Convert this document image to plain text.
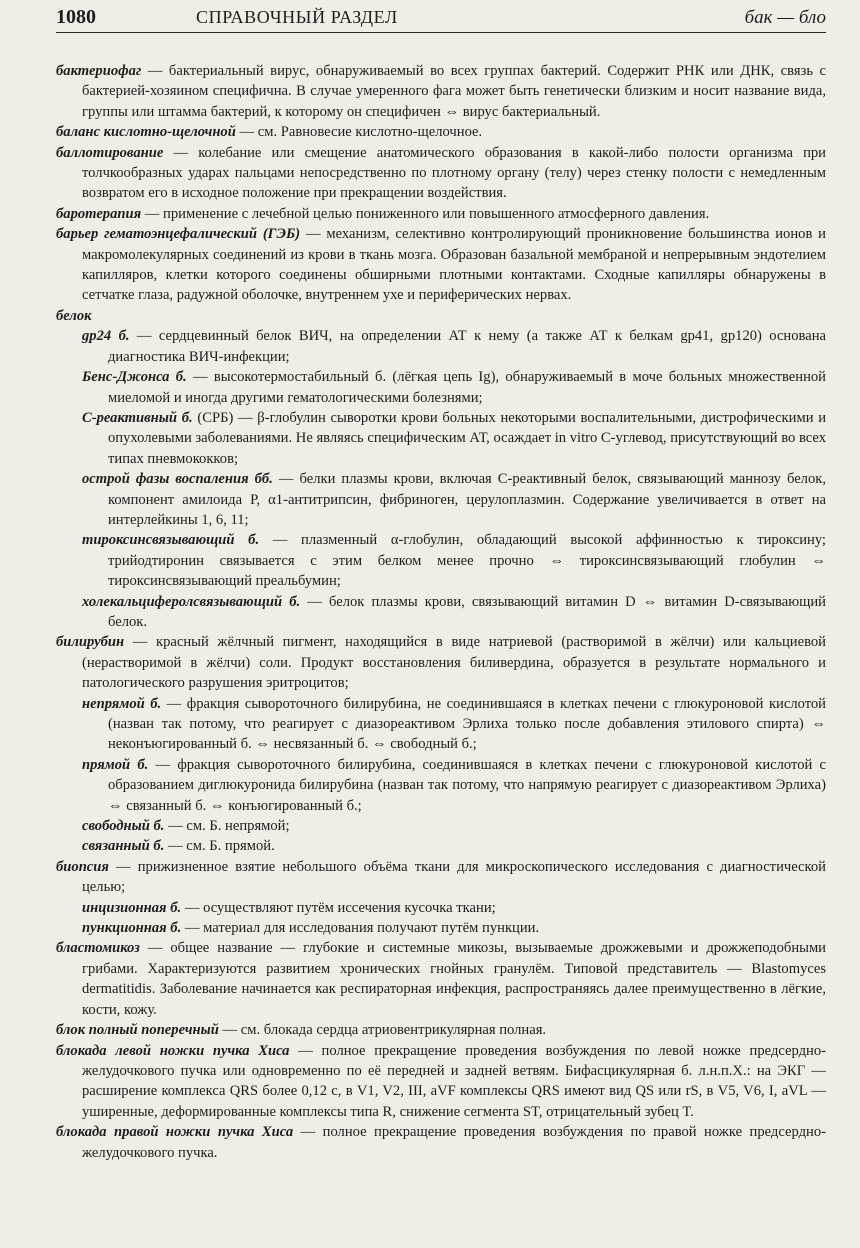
1080	СПРАВОЧНЫЙ РАЗДЕЛ	бак — бло

бактериофаг — бактериальный вирус, обнаруживаемый во всех группах бактерий. Содержит РНК или ДНК, связь с бактерией-хозяином специфична. В случае умеренного фага может быть генетически близким и носит название вида, группы или штамма бактерий, к которому он специфичен ⇔ вирус бактериальный.

баланс кислотно-щелочной — см. Равновесие кислотно-щелочное.

баллотирование — колебание или смещение анатомического образования в какой-либо полости организма при толчкообразных ударах пальцами непосредственно по плотному органу (телу) через стенку полости с немедленным возвратом его в исходное положение при прекращении воздействия.

баротерапия — применение с лечебной целью пониженного или повышенного атмосферного давления.

барьер гематоэнцефалический (ГЭБ) — механизм, селективно контролирующий проникновение большинства ионов и макромолекулярных соединений из крови в ткань мозга. Образован базальной мембраной и непрерывным эндотелием капилляров, клетки которого соединены обширными плотными контактами. Сходные капилляры обнаружены в сетчатке глаза, радужной оболочке, внутреннем ухе и периферических нервах.

белок

gp24 б. — сердцевинный белок ВИЧ, на определении АТ к нему (а также АТ к белкам gp41, gp120) основана диагностика ВИЧ-инфекции;

Бенс-Джонса б. — высокотермостабильный б. (лёгкая цепь Ig), обнаруживаемый в моче больных множественной миеломой и иногда другими гематологическими болезнями;

С-реактивный б. (СРБ) — β-глобулин сыворотки крови больных некоторыми воспалительными, дистрофическими и опухолевыми заболеваниями. Не являясь специфическим АТ, осаждает in vitro С-углевод, присутствующий во всех типах пневмококков;

острой фазы воспаления бб. — белки плазмы крови, включая С-реактивный белок, связывающий маннозу белок, компонент амилоида Р, α1-антитрипсин, фибриноген, церулоплазмин. Содержание увеличивается в ответ на интерлейкины 1, 6, 11;

тироксинсвязывающий б. — плазменный α-глобулин, обладающий высокой аффинностью к тироксину; трийодтиронин связывается с этим белком менее прочно ⇔ тироксинсвязывающий глобулин ⇔ тироксинсвязывающий преальбумин;

холекальциферолсвязывающий б. — белок плазмы крови, связывающий витамин D ⇔ витамин D-связывающий белок.

билирубин — красный жёлчный пигмент, находящийся в виде натриевой (растворимой в жёлчи) или кальциевой (нерастворимой в жёлчи) соли. Продукт восстановления биливердина, образуется в результате нормального и патологического разрушения эритроцитов;

непрямой б. — фракция сывороточного билирубина, не соединившаяся в клетках печени с глюкуроновой кислотой (назван так потому, что реагирует с диазореактивом Эрлиха только после добавления этилового спирта) ⇔ неконъюгированный б. ⇔ несвязанный б. ⇔ свободный б.;

прямой б. — фракция сывороточного билирубина, соединившаяся в клетках печени с глюкуроновой кислотой с образованием диглюкуронида билирубина (назван так потому, что напрямую реагирует с диазореактивом Эрлиха) ⇔ связанный б. ⇔ конъюгированный б.;

свободный б. — см. Б. непрямой;

связанный б. — см. Б. прямой.

биопсия — прижизненное взятие небольшого объёма ткани для микроскопического исследования с диагностической целью;

инцизионная б. — осуществляют путём иссечения кусочка ткани;

пункционная б. — материал для исследования получают путём пункции.

бластомикоз — общее название — глубокие и системные микозы, вызываемые дрожжевыми и дрожжеподобными грибами. Характеризуются развитием хронических гнойных гранулём. Типовой представитель — Blastomyces dermatitidis. Заболевание начинается как респираторная инфекция, распространяясь далее преимущественно в лёгкие, кости, кожу.

блок полный поперечный — см. блокада сердца атриовентрикулярная полная.

блокада левой ножки пучка Хиса — полное прекращение проведения возбуждения по левой ножке предсердно-желудочкового пучка или одновременно по её передней и задней ветвям. Бифасцикулярная б. л.н.п.Х.: на ЭКГ — расширение комплекса QRS более 0,12 с, в V1, V2, III, aVF комплексы QRS имеют вид QS или rS, в V5, V6, I, aVL — уширенные, деформированные комплексы типа R, снижение сегмента ST, отрицательный зубец T.

блокада правой ножки пучка Хиса — полное прекращение проведения возбуждения по правой ножке предсердно-желудочкового пучка.
